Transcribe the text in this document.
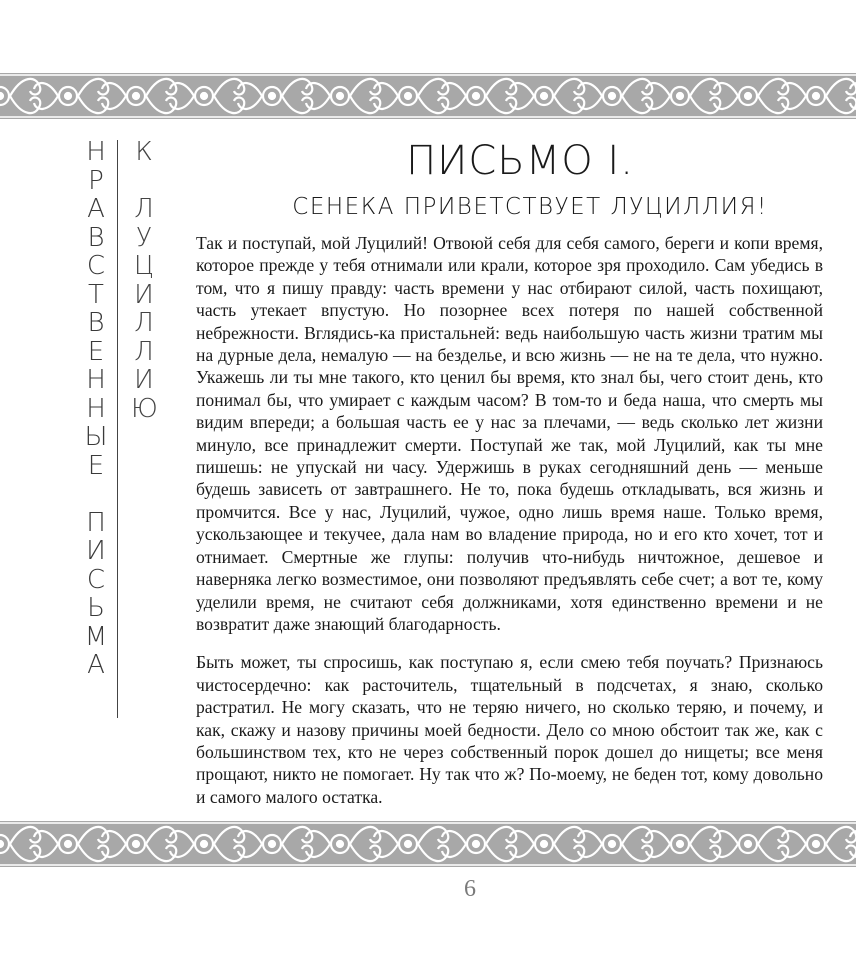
Н
Р
А
В
С
Т
В
Е
Н
Н
Ы
Е
П
И
С
Ь
М
А
К
Л
У
Ц
И
Л
Л
И
Ю
ПИСЬМО I.
СЕНЕКА ПРИВЕТСТВУЕТ ЛУЦИЛЛИЯ!

Так и поступай, мой Луцилий! Отвоюй себя для себя самого, береги и копи время, которое прежде у тебя отнимали или крали, которое зря проходило. Сам убедись в том, что я пишу правду: часть времени у нас отбирают силой, часть похищают, часть утекает впустую. Но позорнее всех потеря по нашей собственной небрежности. Вглядись-ка пристальней: ведь наибольшую часть жизни тратим мы на дурные дела, немалую — на безделье, и всю жизнь — не на те дела, что нужно. Укажешь ли ты мне такого, кто ценил бы время, кто знал бы, чего стоит день, кто понимал бы, что умирает с каждым часом? В том-то и беда наша, что смерть мы видим впереди; а большая часть ее у нас за плечами, — ведь сколько лет жизни минуло, все принадлежит смерти. Поступай же так, мой Луцилий, как ты мне пишешь: не упускай ни часу. Удержишь в руках сегодняшний день — меньше будешь зависеть от завтрашнего. Не то, пока будешь откладывать, вся жизнь и промчится. Все у нас, Луцилий, чужое, одно лишь время наше. Только время, ускользающее и текучее, дала нам во владение природа, но и его кто хочет, тот и отнимает. Смертные же глупы: получив что-нибудь ничтожное, дешевое и наверняка легко возместимое, они позволяют предъявлять себе счет; а вот те, кому уделили время, не считают себя должниками, хотя единственно времени и не возвратит даже знающий благодарность.

Быть может, ты спросишь, как поступаю я, если смею тебя поучать? Признаюсь чистосердечно: как расточитель, тщательный в подсчетах, я знаю, сколько растратил. Не могу сказать, что не теряю ничего, но сколько теряю, и почему, и как, скажу и назову причины моей бедности. Дело со мною обстоит так же, как с большинством тех, кто не через собственный порок дошел до нищеты; все меня прощают, никто не помогает. Ну так что ж? По-моему, не беден тот, кому довольно и самого малого остатка.

6
